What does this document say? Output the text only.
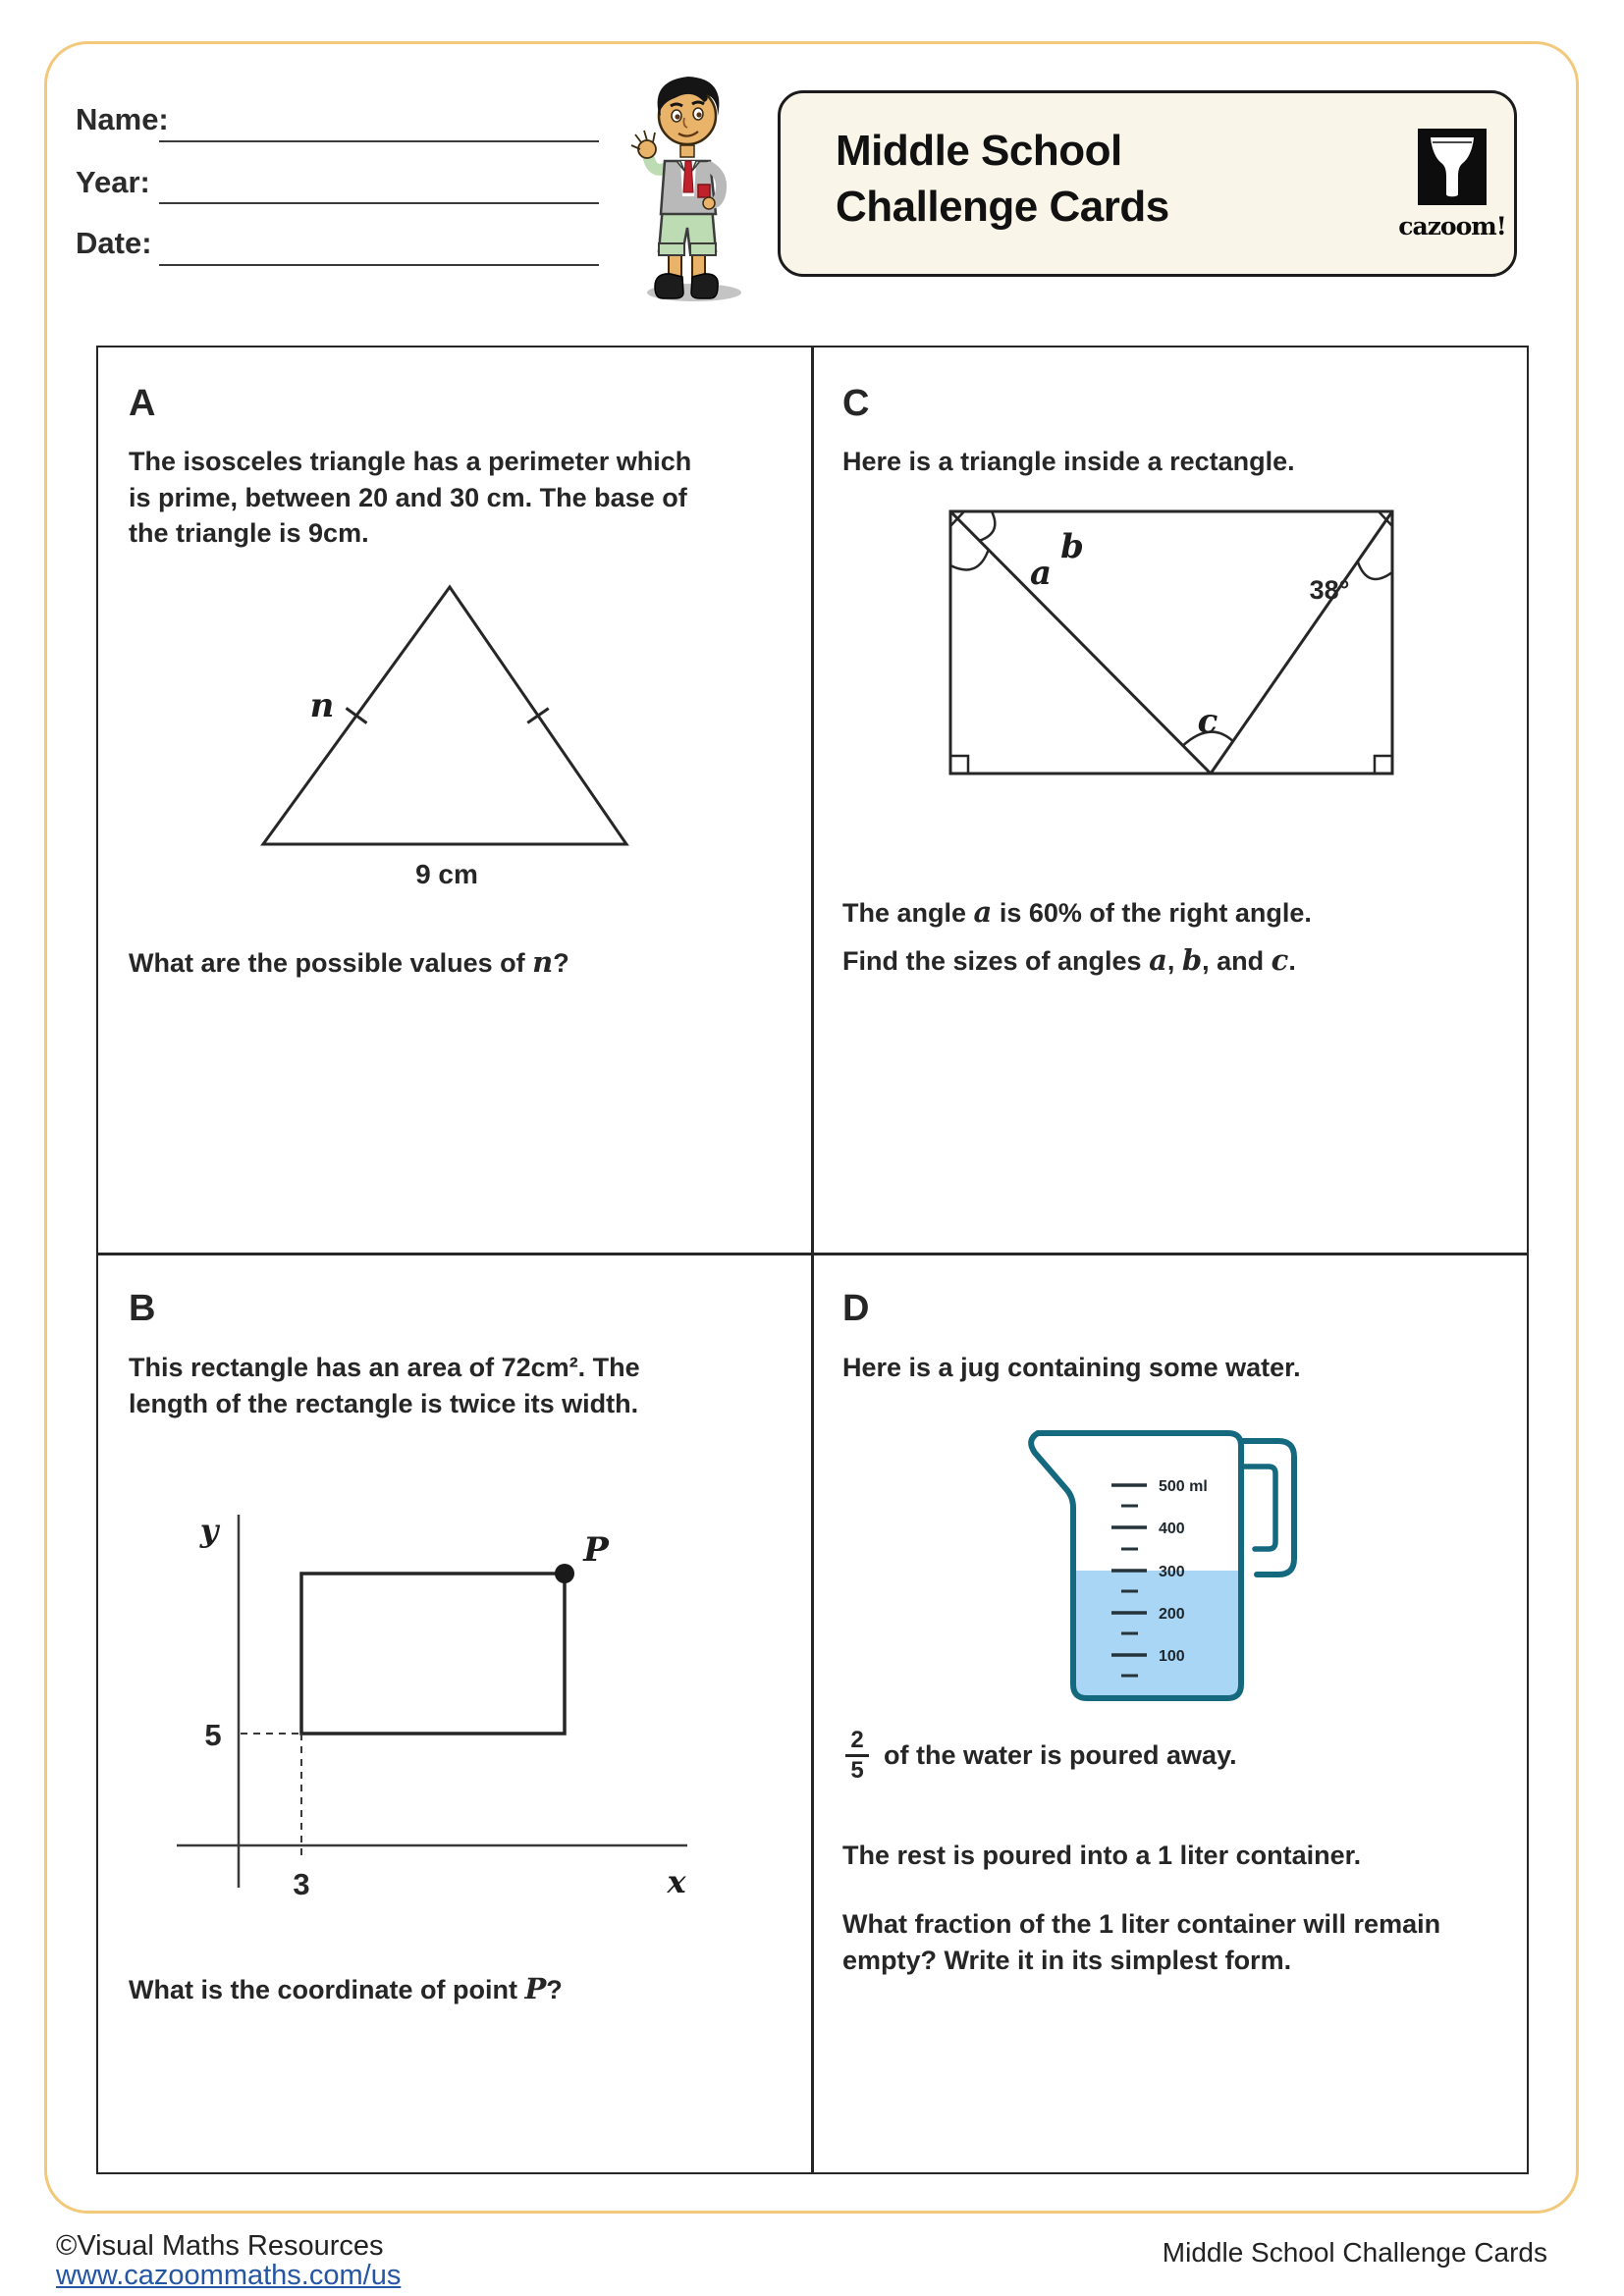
Name:
Year:
Date:
Middle School
Challenge Cards	cazoom!
A
The isosceles triangle has a perimeter which is prime, between 20 and 30 cm. The base of the triangle is 9cm.
n
9 cm
What are the possible values of n?
C
Here is a triangle inside a rectangle.
a
b
38°
c
The angle a is 60% of the right angle.
Find the sizes of angles a, b, and c.
B
This rectangle has an area of 72cm². The length of the rectangle is twice its width.
y
x
5
3
P
What is the coordinate of point P?
D
Here is a jug containing some water.
500 ml
400
300
200
100
$\frac{2}{5}$ of the water is poured away.
The rest is poured into a 1 liter container.
What fraction of the 1 liter container will remain empty? Write it in its simplest form.
©Visual Maths Resources
www.cazoommaths.com/us
Middle School Challenge Cards
